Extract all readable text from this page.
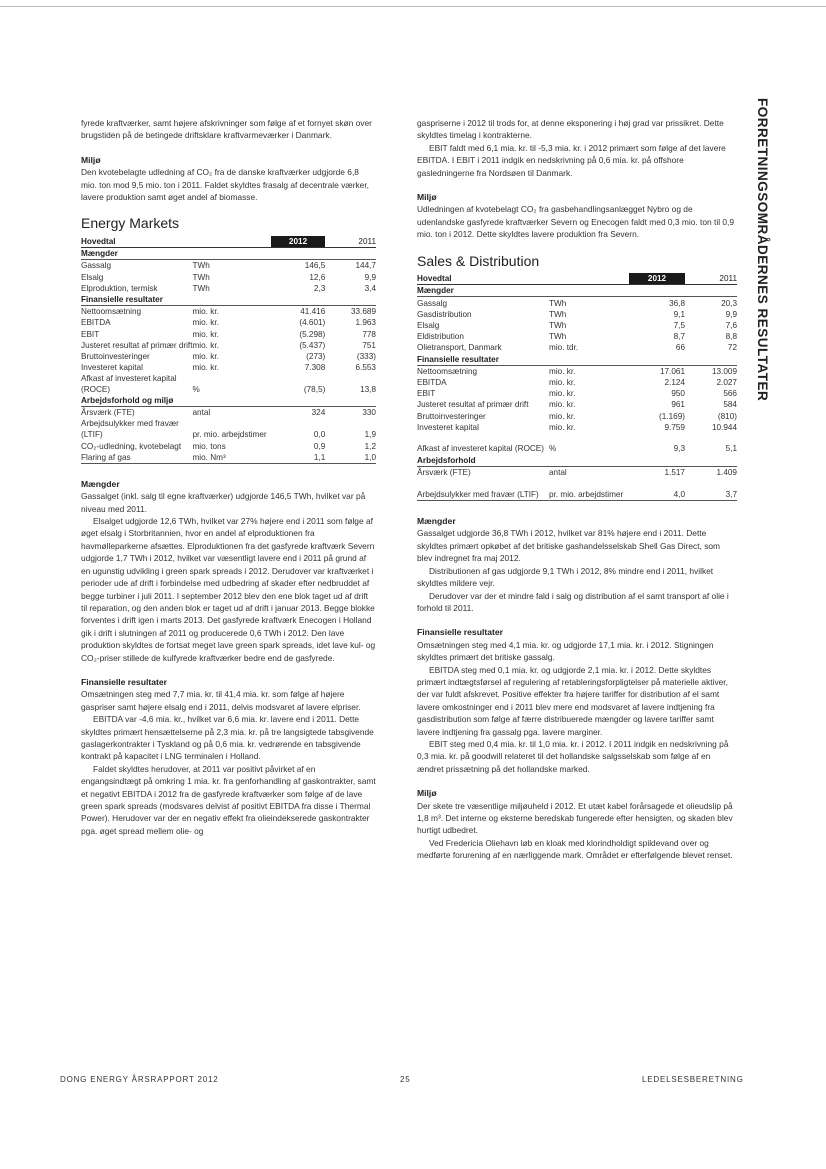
fyrede kraftværker, samt højere afskrivninger som følge af et fornyet skøn over brugstiden på de betingede driftsklare kraftvarmeværker i Danmark.

Miljø

Den kvotebelagte udledning af CO₂ fra de danske kraftværker udgjorde 6,8 mio. ton mod 9,5 mio. ton i 2011. Faldet skyldtes frasalg af decentrale værker, lavere produktion samt øget andel af biomasse.

Energy Markets
Hovedtal		2012	2011
Mængder			
Gassalg	TWh	146,5	144,7
Elsalg	TWh	12,6	9,9
Elproduktion, termisk	TWh	2,3	3,4
Finansielle resultater			
Nettoomsætning	mio. kr.	41.416	33.689
EBITDA	mio. kr.	(4.601)	1.963
EBIT	mio. kr.	(5.298)	778
Justeret resultat af primær drift	mio. kr.	(5.437)	751
Bruttoinvesteringer	mio. kr.	(273)	(333)
Investeret kapital	mio. kr.	7.308	6.553
Afkast af investeret kapital (ROCE)	%	(78,5)	13,8
Arbejdsforhold og miljø			
Årsværk (FTE)	antal	324	330
Arbejdsulykker med fravær (LTIF)	pr. mio. arbejdstimer	0,0	1,9
CO₂-udledning, kvotebelagt	mio. tons	0,9	1,2
Flaring af gas	mio. Nm³	1,1	1,0
Mængder

Gassalget (inkl. salg til egne kraftværker) udgjorde 146,5 TWh, hvilket var på niveau med 2011.

Elsalget udgjorde 12,6 TWh, hvilket var 27% højere end i 2011 som følge af øget elsalg i Storbritannien, hvor en andel af elproduktionen fra havmølleparkerne afsættes. Elproduktionen fra det gasfyrede kraftværk Severn udgjorde 1,7 TWh i 2012, hvilket var væsentligt lavere end i 2011 på grund af en ugunstig udvikling i green spark spreads i 2012. Derudover var kraftværket i perioder ude af drift i forbindelse med udbedring af skader efter nedbruddet af begge turbiner i juli 2011. I september 2012 blev den ene blok taget ud af drift til reparation, og den anden blok er taget ud af drift i januar 2013. Begge blokke forventes i drift igen i marts 2013. Det gasfyrede kraftværk Enecogen i Holland gik i drift i slutningen af 2011 og producerede 0,6 TWh i 2012. Den lave produktion skyldtes de fortsat meget lave green spark spreads, idet lave kul- og CO₂-priser stillede de kulfyrede kraftværker bedre end de gasfyrede.

Finansielle resultater

Omsætningen steg med 7,7 mia. kr. til 41,4 mia. kr. som følge af højere gaspriser samt højere elsalg end i 2011, delvis modsvaret af lavere elpriser.

EBITDA var -4,6 mia. kr., hvilket var 6,6 mia. kr. lavere end i 2011. Dette skyldtes primært hensættelserne på 2,3 mia. kr. på tre langsigtede tabsgivende gaslagerkontrakter i Tyskland og på 0,6 mia. kr. vedrørende en tabsgivende kontrakt på kapacitet i LNG terminalen i Holland.

Faldet skyldtes herudover, at 2011 var positivt påvirket af en engangsindtægt på omkring 1 mia. kr. fra genforhandling af gaskontrakter, samt et negativt EBITDA i 2012 fra de gasfyrede kraftværker som følge af de lave green spark spreads (modsvares delvist af positivt EBITDA fra disse i Thermal Power). Herudover var der en negativ effekt fra olieindekserede gaskontrakter pga. øget spread mellem olie- og

gaspriserne i 2012 til trods for, at denne eksponering i høj grad var prissikret. Dette skyldtes timelag i kontrakterne.

EBIT faldt med 6,1 mia. kr. til -5,3 mia. kr. i 2012 primært som følge af det lavere EBITDA. I EBIT i 2011 indgik en nedskrivning på 0,6 mia. kr. på offshore gasledningerne fra Nordsøen til Danmark.

Miljø

Udledningen af kvotebelagt CO₂ fra gasbehandlingsanlægget Nybro og de udenlandske gasfyrede kraftværker Severn og Enecogen faldt med 0,3 mio. ton til 0,9 mio. ton i 2012. Dette skyldtes lavere produktion fra Severn.

Sales & Distribution
Hovedtal		2012	2011
Mængder			
Gassalg	TWh	36,8	20,3
Gasdistribution	TWh	9,1	9,9
Elsalg	TWh	7,5	7,6
Eldistribution	TWh	8,7	8,8
Olietransport, Danmark	mio. tdr.	66	72
Finansielle resultater			
Nettoomsætning	mio. kr.	17.061	13.009
EBITDA	mio. kr.	2.124	2.027
EBIT	mio. kr.	950	566
Justeret resultat af primær drift	mio. kr.	961	584
Bruttoinvesteringer	mio. kr.	(1.169)	(810)
Investeret kapital	mio. kr.	9.759	10.944
Afkast af investeret kapital (ROCE)	%	9,3	5,1
Arbejdsforhold			
Årsværk (FTE)	antal	1.517	1.409
Arbejdsulykker med fravær (LTIF)	pr. mio. arbejdstimer	4,0	3,7
Mængder

Gassalget udgjorde 36,8 TWh i 2012, hvilket var 81% højere end i 2011. Dette skyldtes primært opkøbet af det britiske gashandelsselskab Shell Gas Direct, som blev indregnet fra maj 2012.

Distributionen af gas udgjorde 9,1 TWh i 2012, 8% mindre end i 2011, hvilket skyldtes mildere vejr.

Derudover var der et mindre fald i salg og distribution af el samt transport af olie i forhold til 2011.

Finansielle resultater

Omsætningen steg med 4,1 mia. kr. og udgjorde 17,1 mia. kr. i 2012. Stigningen skyldtes primært det britiske gassalg.

EBITDA steg med 0,1 mia. kr. og udgjorde 2,1 mia. kr. i 2012. Dette skyldtes primært indtægtsførsel af regulering af retableringsforpligtelser på materielle aktiver, der var fuldt afskrevet. Positive effekter fra højere tariffer for distribution af el samt lavere omkostninger end i 2011 blev mere end modsvaret af lavere indtjening fra gasdistribution som følge af færre distribuerede mængder og lavere tariffer samt lavere indtjening fra gassalg pga. lavere marginer.

EBIT steg med 0,4 mia. kr. til 1,0 mia. kr. i 2012. I 2011 indgik en nedskrivning på 0,3 mia. kr. på goodwill relateret til det hollandske salgsselskab som følge af en ændret prissætning på det hollandske marked.

Miljø

Der skete tre væsentlige miljøuheld i 2012. Et utæt kabel forårsagede et olieudslip på 1,8 m³. Det interne og eksterne beredskab fungerede efter hensigten, og skaden blev hurtigt udbedret.

Ved Fredericia Oliehavn løb en kloak med klorindholdigt spildevand over og medførte forurening af en nærliggende mark. Området er efterfølgende blevet renset.

FORRETNINGSOMRÅDERNES RESULTATER
DONG ENERGY ÅRSRAPPORT 2012	25	LEDELSESBERETNING
